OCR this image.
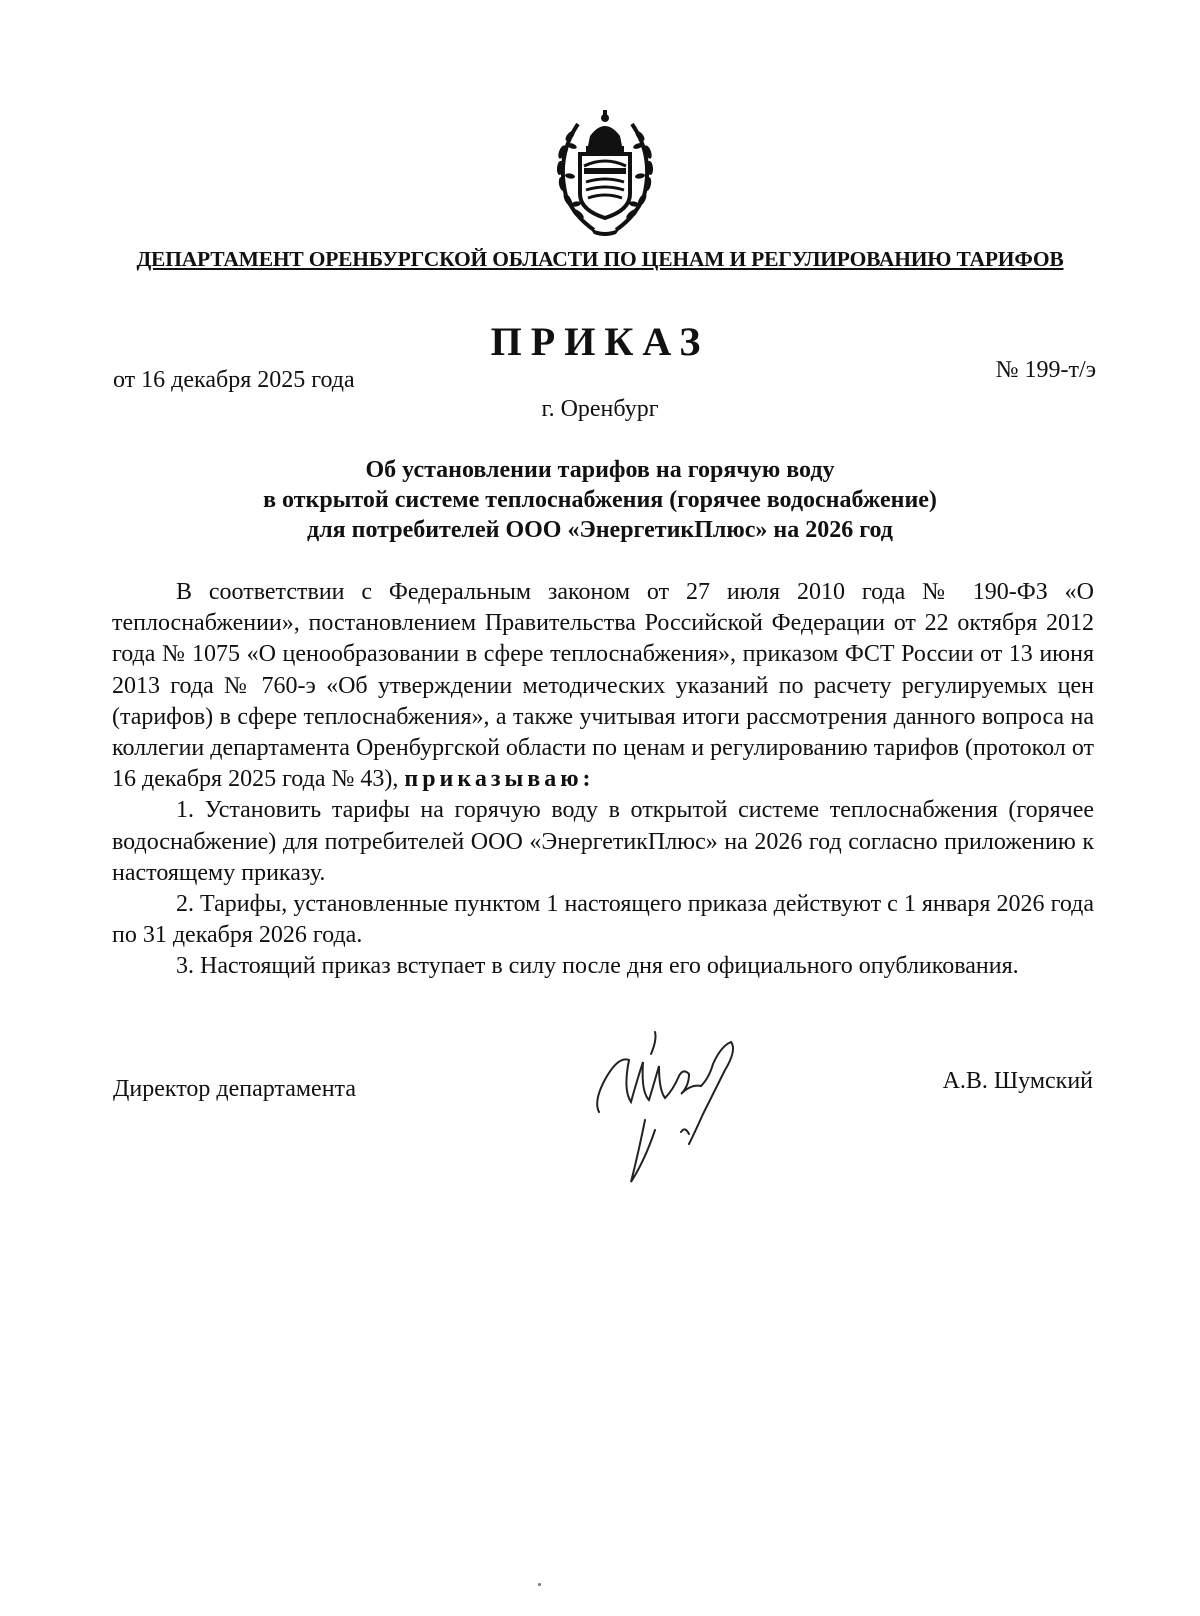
ДЕПАРТАМЕНТ ОРЕНБУРГСКОЙ ОБЛАСТИ ПО ЦЕНАМ И РЕГУЛИРОВАНИЮ ТАРИФОВ
ПРИКАЗ
от 16 декабря 2025 года	№ 199-т/э
г. Оренбург
Об установлении тарифов на горячую воду
в открытой системе теплоснабжения (горячее водоснабжение)
для потребителей ООО «ЭнергетикПлюс» на 2026 год

В соответствии с Федеральным законом от 27 июля 2010 года № 190-ФЗ «О теплоснабжении», постановлением Правительства Российской Федерации от 22 октября 2012 года № 1075 «О ценообразовании в сфере теплоснабжения», приказом ФСТ России от 13 июня 2013 года № 760-э «Об утверждении методических указаний по расчету регулируемых цен (тарифов) в сфере теплоснабжения», а также учитывая итоги рассмотрения данного вопроса на коллегии департамента Оренбургской области по ценам и регулированию тарифов (протокол от 16 декабря 2025 года № 43), приказываю:

1. Установить тарифы на горячую воду в открытой системе теплоснабжения (горячее водоснабжение) для потребителей ООО «ЭнергетикПлюс» на 2026 год согласно приложению к настоящему приказу.

2. Тарифы, установленные пунктом 1 настоящего приказа действуют с 1 января 2026 года по 31 декабря 2026 года.

3. Настоящий приказ вступает в силу после дня его официального опубликования.

Директор департамента	А.В. Шумский
